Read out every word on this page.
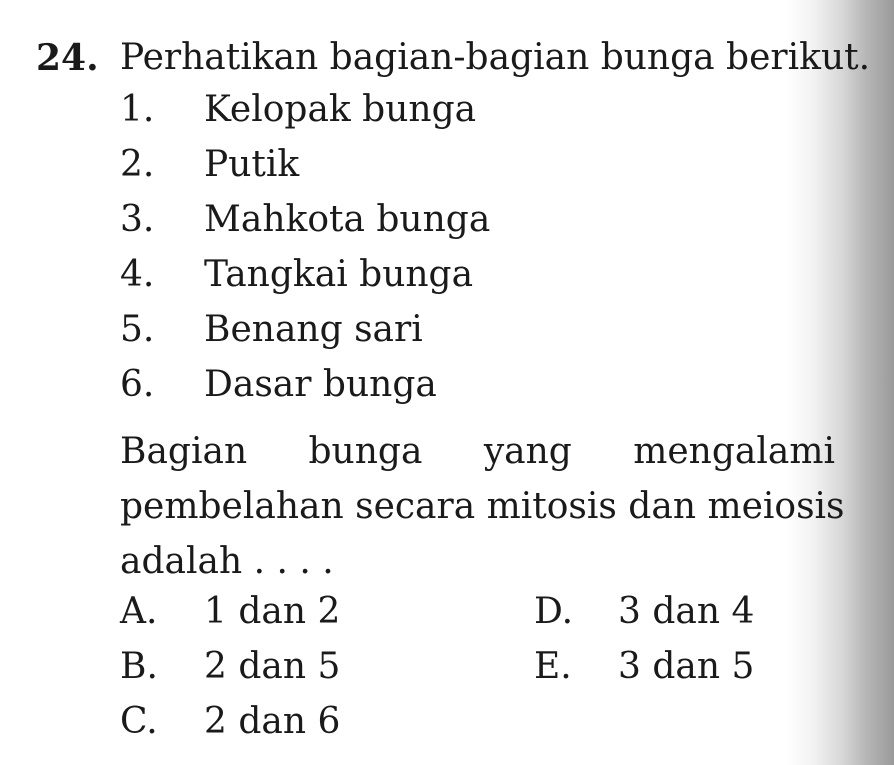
24. Perhatikan bagian-bagian bunga berikut.
1. Kelopak bunga
2. Putik
3. Mahkota bunga
4. Tangkai bunga
5. Benang sari
6. Dasar bunga
Bagian bunga yang mengalami
pembelahan secara mitosis dan meiosis
adalah . . . .
A. 1 dan 2
B. 2 dan 5
C. 2 dan 6
D. 3 dan 4
E. 3 dan 5
